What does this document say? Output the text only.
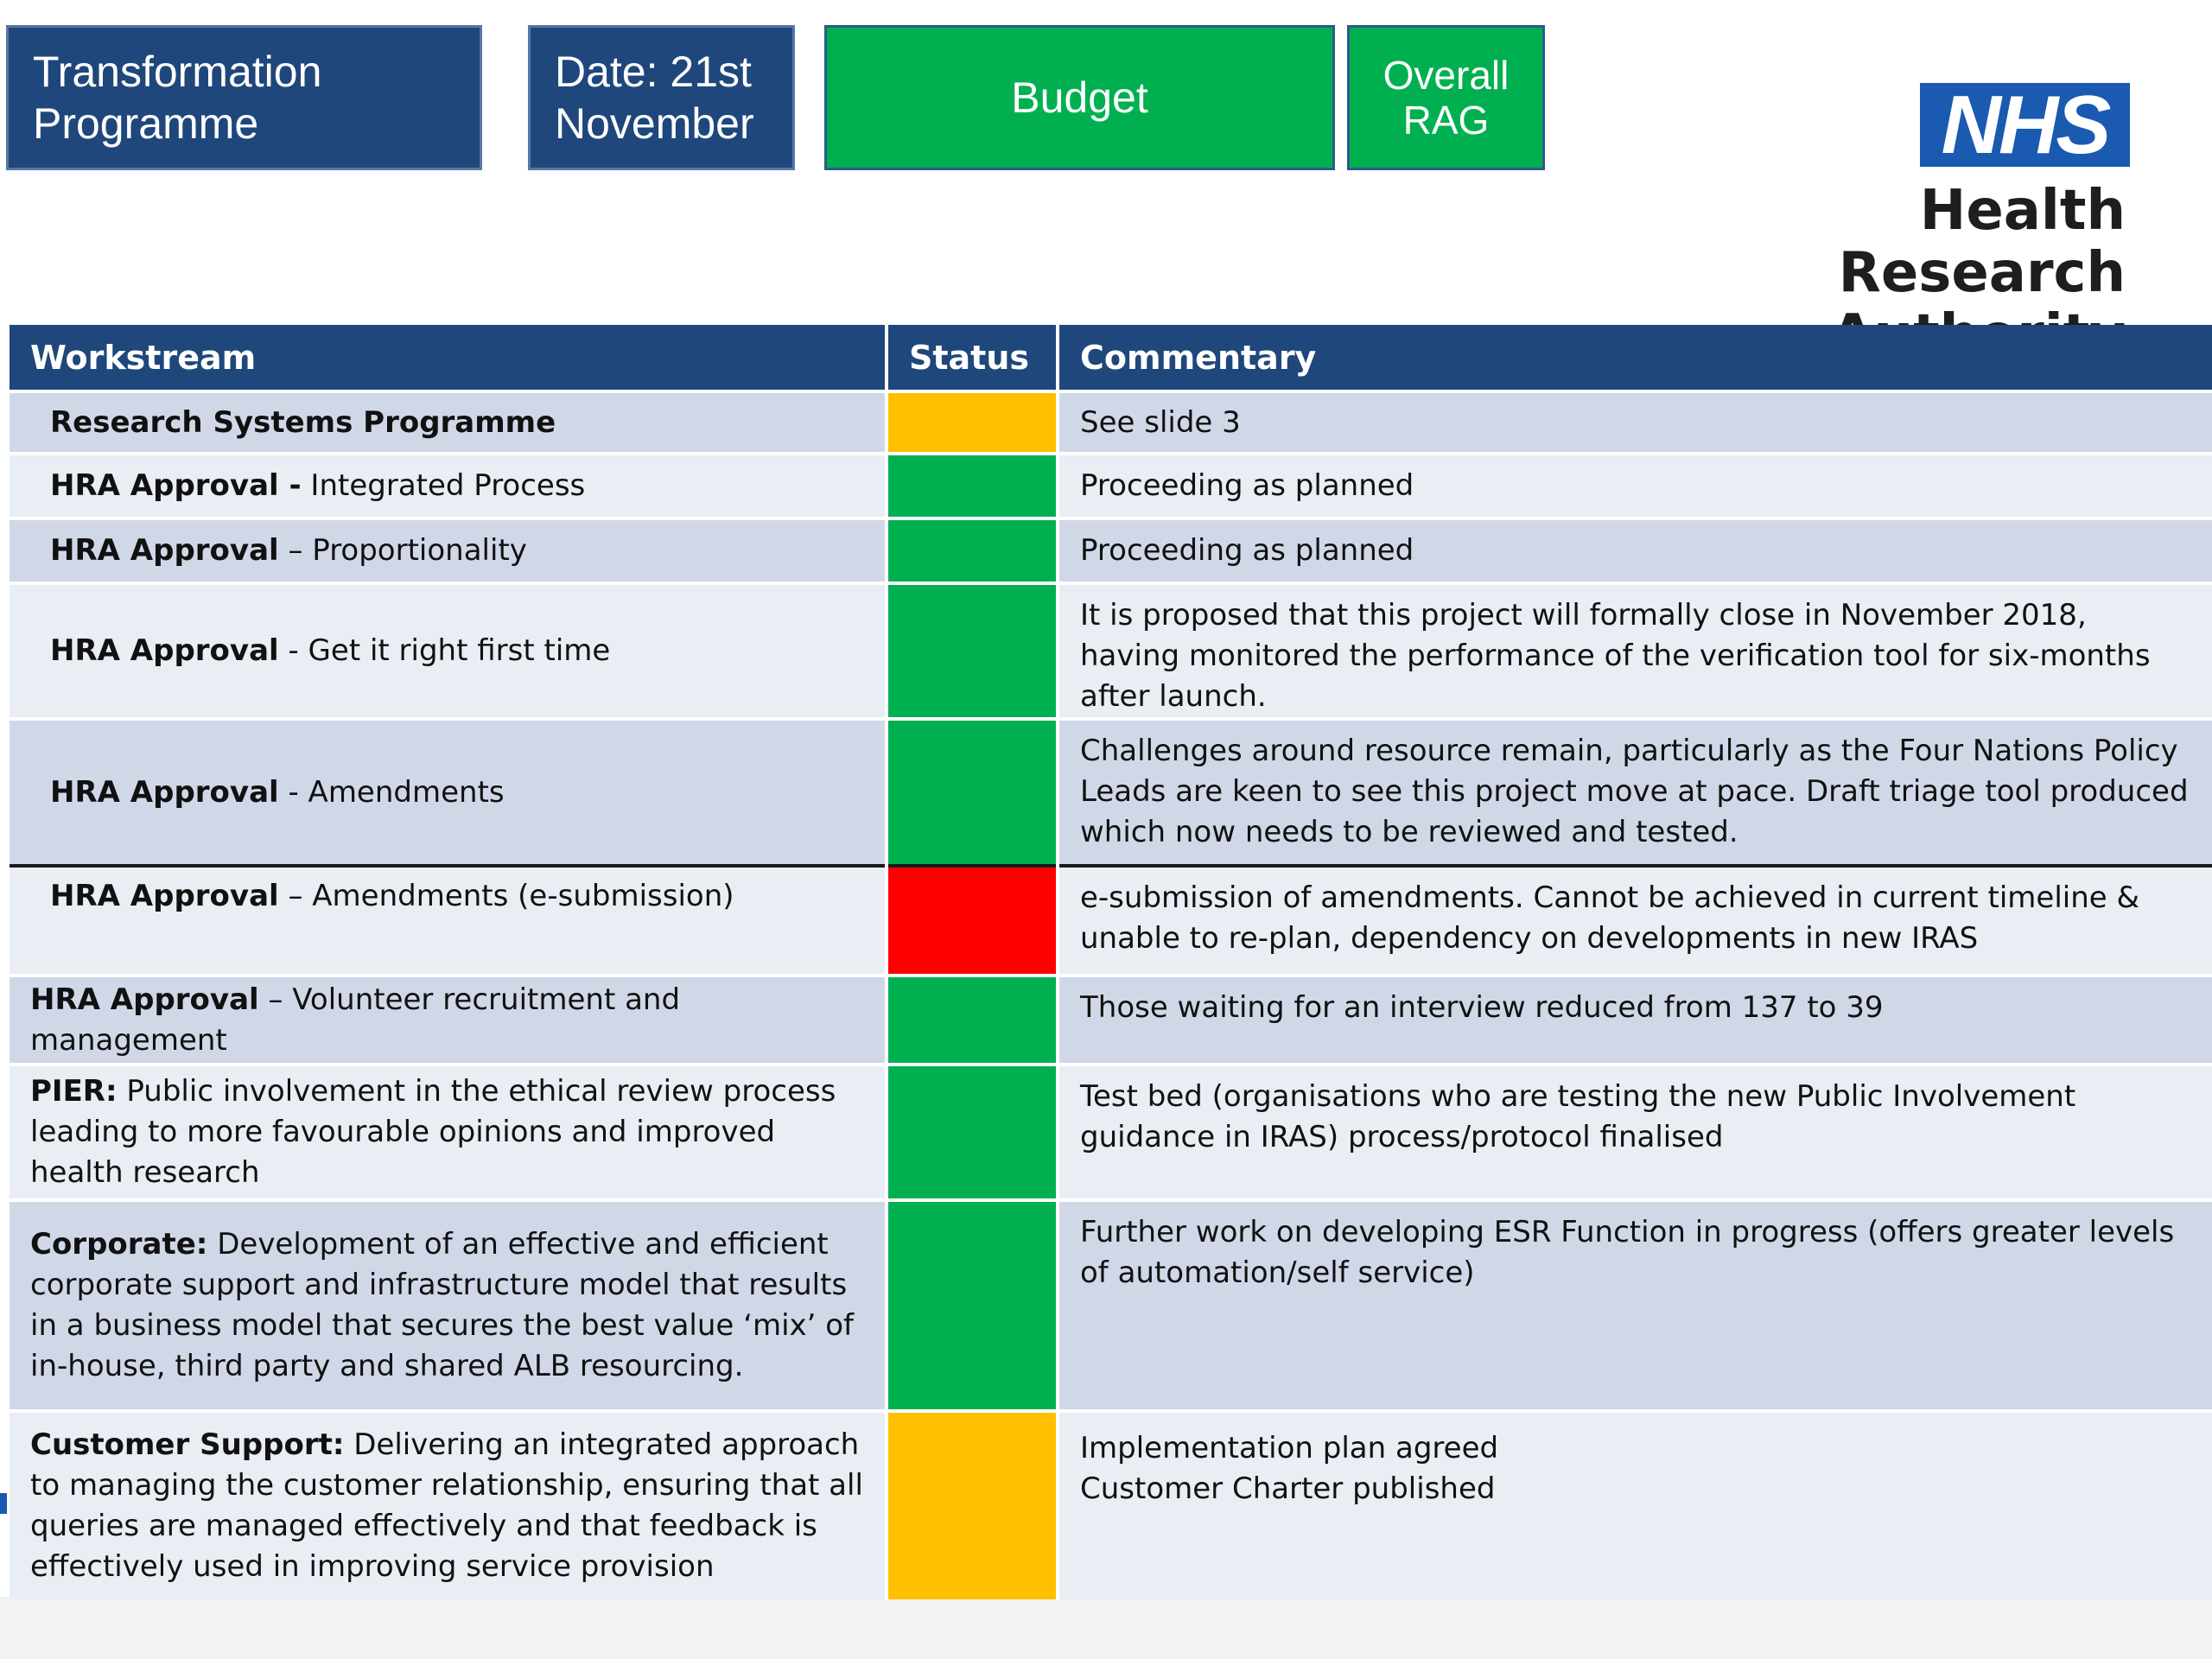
Transformation
Programme
Date: 21st
November
Budget	Overall
RAG	NHS
Health Research

Workstream	Status	Commentary
Research Systems Programme		See slide 3
HRA Approval - Integrated Process		Proceeding as planned
HRA Approval – Proportionality		Proceeding as planned
HRA Approval - Get it right first time		It is proposed that this project will formally close in November 2018, having monitored the performance of the verification tool for six-months after launch.
HRA Approval - Amendments		Challenges around resource remain, particularly as the Four Nations Policy Leads are keen to see this project move at pace. Draft triage tool produced which now needs to be reviewed and tested.
HRA Approval – Amendments (e-submission)		e-submission of amendments. Cannot be achieved in current timeline & unable to re-plan, dependency on developments in new IRAS
HRA Approval – Volunteer recruitment and management		Those waiting for an interview reduced from 137 to 39
PIER: Public involvement in the ethical review process leading to more favourable opinions and improved health research		Test bed (organisations who are testing the new Public Involvement guidance in IRAS) process/protocol finalised
Corporate: Development of an effective and efficient corporate support and infrastructure model that results in a business model that secures the best value ‘mix’ of in-house, third party and shared ALB resourcing.		Further work on developing ESR Function in progress (offers greater levels of automation/self service)
Customer Support: Delivering an integrated approach to managing the customer relationship, ensuring that all queries are managed effectively and that feedback is effectively used in improving service provision		Implementation plan agreed
Customer Charter published
